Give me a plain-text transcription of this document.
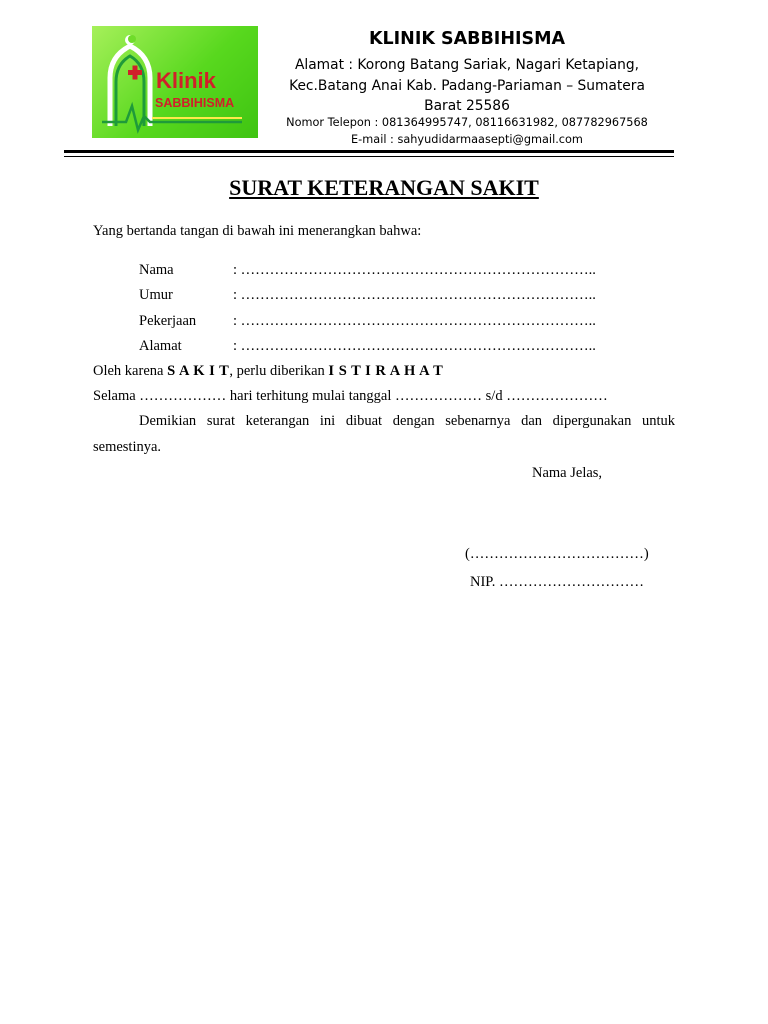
Klinik
SABBIHISMA
KLINIK SABBIHISMA
Alamat : Korong Batang Sariak, Nagari Ketapiang,
Kec.Batang Anai Kab. Padang-Pariaman – Sumatera
Barat 25586
Nomor Telepon : 081364995747, 08116631982, 087782967568
E-mail : sahyudidarmaasepti@gmail.com
SURAT KETERANGAN SAKIT
Yang bertanda tangan di bawah ini menerangkan bahwa:
Nama	: ………………………………………………………………..
Umur	: ………………………………………………………………..
Pekerjaan	: ………………………………………………………………..
Alamat	: ………………………………………………………………..
Oleh karena S A K I T, perlu diberikan I S T I R A H A T
Selama ……………… hari terhitung mulai tanggal ……………… s/d …………………
Demikian surat keterangan ini dibuat dengan sebenarnya dan dipergunakan untuk semestinya.
Nama Jelas,
(………………………………)
NIP. …………………………
